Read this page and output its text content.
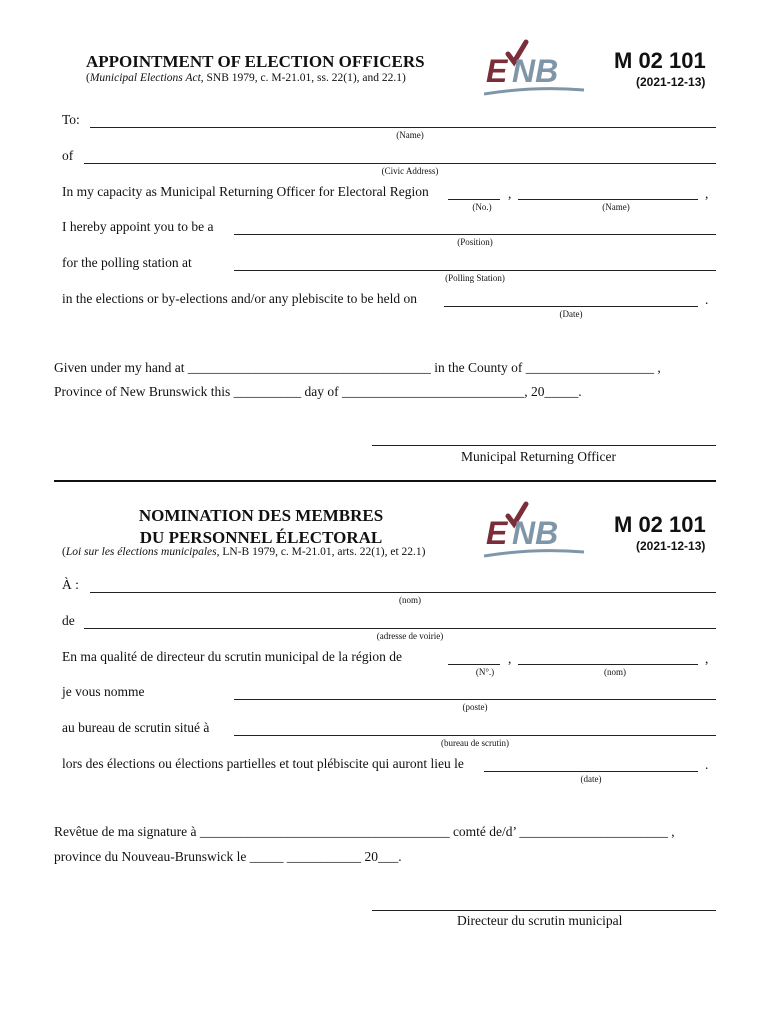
APPOINTMENT OF ELECTION OFFICERS
(Municipal Elections Act, SNB 1979, c. M-21.01, ss. 22(1), and 22.1)	E NB	M 02 101
(2021-12-13)
To:
(Name)
of
(Civic Address)
In my capacity as Municipal Returning Officer for Electoral Region	,	,
(No.)	(Name)
I hereby appoint you to be a
(Position)
for the polling station at
(Polling Station)
in the elections or by-elections and/or any plebiscite to be held on	.
(Date)
Given under my hand at ____________________________________ in the County of ___________________ ,
Province of New Brunswick this __________ day of ___________________________, 20_____.
Municipal Returning Officer
NOMINATION DES MEMBRES
DU PERSONNEL ÉLECTORAL
(Loi sur les élections municipales, LN-B 1979, c. M-21.01, arts. 22(1), et 22.1)
E NB	M 02 101
(2021-12-13)
À :
(nom)
de
(adresse de voirie)
En ma qualité de directeur du scrutin municipal de la région de	,	,
(N°.)	(nom)
je vous nomme
(poste)
au bureau de scrutin situé à
(bureau de scrutin)
lors des élections ou élections partielles et tout plébiscite qui auront lieu le	.
(date)
Revêtue de ma signature à _____________________________________ comté de/d’ ______________________ ,
province du Nouveau-Brunswick le _____ ___________ 20___.
Directeur du scrutin municipal
